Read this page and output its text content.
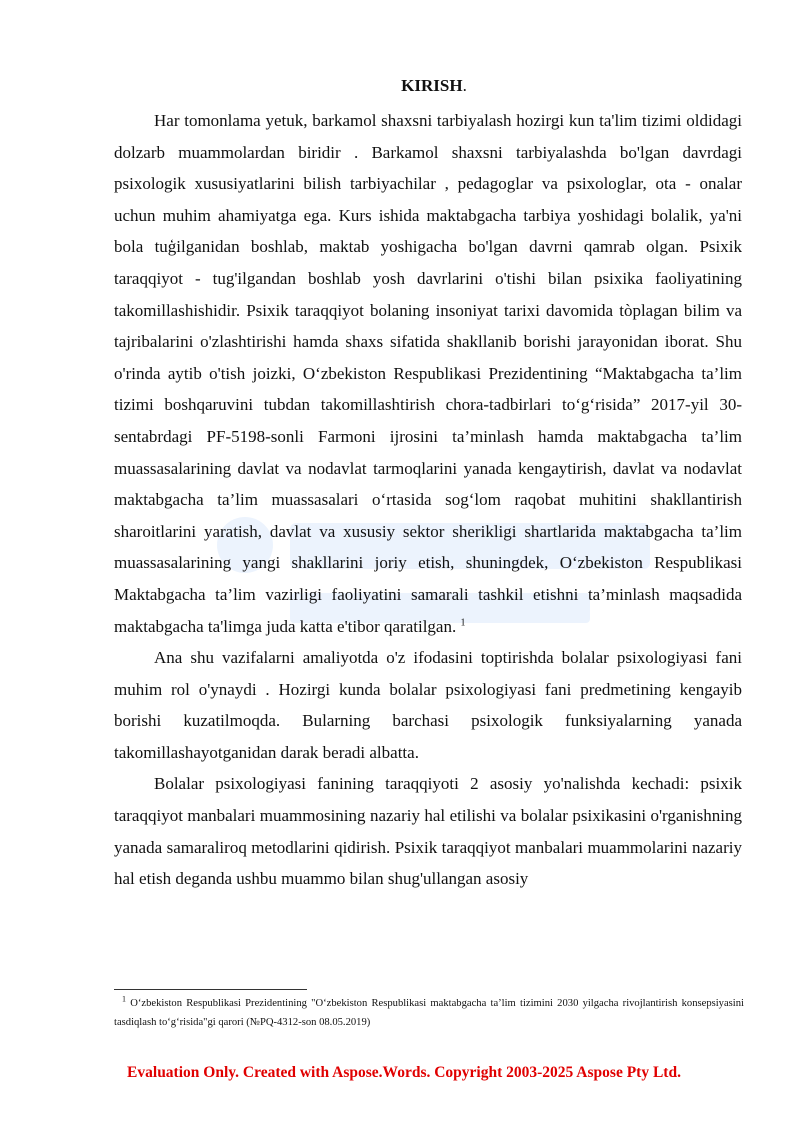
KIRISH.

Har tomonlama yetuk, barkamol shaxsni tarbiyalash hozirgi kun ta'lim tizimi oldidagi dolzarb muammolardan biridir . Barkamol shaxsni tarbiyalashda bo'lgan davrdagi psixologik xususiyatlarini bilish tarbiyachilar , pedagoglar va psixologlar, ota - onalar uchun muhim ahamiyatga ega. Kurs ishida maktabgacha tarbiya yoshidagi bolalik, ya'ni bola tuģilganidan boshlab, maktab yoshigacha bo'lgan davrni qamrab olgan. Psixik taraqqiyot - tug'ilgandan boshlab yosh davrlarini o'tishi bilan psixika faoliyatining takomillashishidir. Psixik taraqqiyot bolaning insoniyat tarixi davomida tòplagan bilim va tajribalarini o'zlashtirishi hamda shaxs sifatida shakllanib borishi jarayonidan iborat. Shu o'rinda aytib o'tish joizki, O‘zbekiston Respublikasi Prezidentining “Maktabgacha ta’lim tizimi boshqaruvini tubdan takomillashtirish chora-tadbirlari to‘g‘risida” 2017-yil 30-sentabrdagi PF-5198-sonli Farmoni ijrosini ta’minlash hamda maktabgacha ta’lim muassasalarining davlat va nodavlat tarmoqlarini yanada kengaytirish, davlat va nodavlat maktabgacha ta’lim muassasalari o‘rtasida sog‘lom raqobat muhitini shakllantirish sharoitlarini yaratish, davlat va xususiy sektor sherikligi shartlarida maktabgacha ta’lim muassasalarining yangi shakllarini joriy etish, shuningdek, O‘zbekiston Respublikasi Maktabgacha ta’lim vazirligi faoliyatini samarali tashkil etishni ta’minlash maqsadida maktabgacha ta'limga juda katta e'tibor qaratilgan. $^1$

Ana shu vazifalarni amaliyotda o'z ifodasini toptirishda bolalar psixologiyasi fani muhim rol o'ynaydi . Hozirgi kunda bolalar psixologiyasi fani predmetining kengayib borishi kuzatilmoqda. Bularning barchasi psixologik funksiyalarning yanada takomillashayotganidan darak beradi albatta.

Bolalar psixologiyasi fanining taraqqiyoti 2 asosiy yo'nalishda kechadi: psixik taraqqiyot manbalari muammosining nazariy hal etilishi va bolalar psixikasini o'rganishning yanada samaraliroq metodlarini qidirish. Psixik taraqqiyot manbalari muammolarini nazariy hal etish deganda ushbu muammo bilan shug'ullangan asosiy

$^1$ O‘zbekiston Respublikasi Prezidentining "O‘zbekiston Respublikasi maktabgacha ta’lim tizimini 2030 yilgacha rivojlantirish konsepsiyasini tasdiqlash to‘g‘risida"gi qarori (№PQ-4312-son 08.05.2019)

Evaluation Only. Created with Aspose.Words. Copyright 2003-2025 Aspose Pty Ltd.
